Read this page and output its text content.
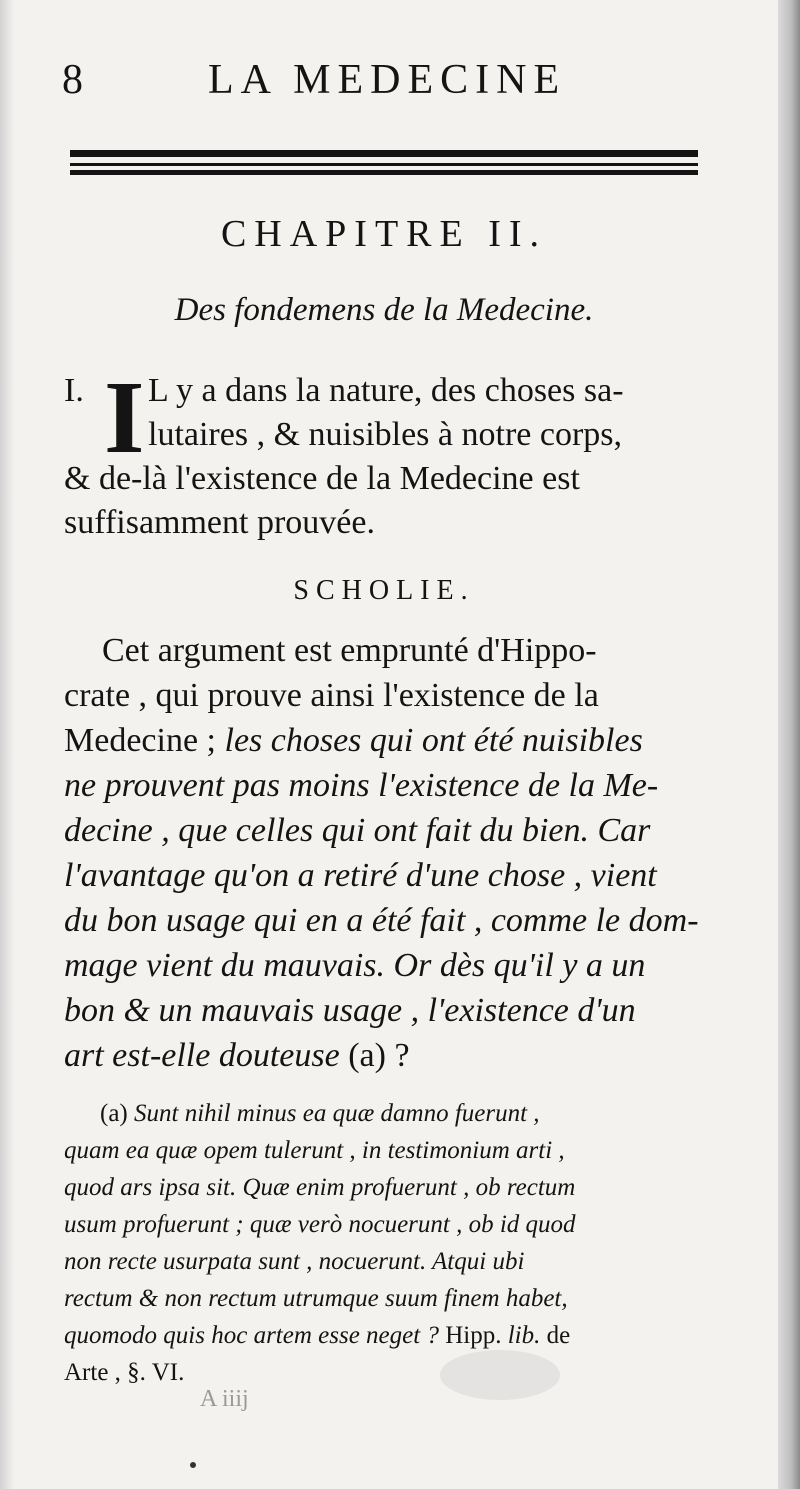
8	LA MEDECINE
CHAPITRE II.
Des fondemens de la Medecine.
I. I L y a dans la nature, des choses sa-
lutaires , & nuisibles à notre corps,
& de-là l'existence de la Medecine est
suffisamment prouvée.
SCHOLIE.
Cet argument est emprunté d'Hippo-
crate , qui prouve ainsi l'existence de la
Medecine ; les choses qui ont été nuisibles
ne prouvent pas moins l'existence de la Me-
decine , que celles qui ont fait du bien. Car
l'avantage qu'on a retiré d'une chose , vient
du bon usage qui en a été fait , comme le dom-
mage vient du mauvais. Or dès qu'il y a un
bon & un mauvais usage , l'existence d'un
art est-elle douteuse (a) ?
(a) Sunt nihil minus ea quæ damno fuerunt ,
quam ea quæ opem tulerunt , in testimonium arti ,
quod ars ipsa sit. Quæ enim profuerunt , ob rectum
usum profuerunt ; quæ verò nocuerunt , ob id quod
non recte usurpata sunt , nocuerunt. Atqui ubi
rectum & non rectum utrumque suum finem habet,
quomodo quis hoc artem esse neget ? Hipp. lib. de
Arte , §. VI.
A iiij
